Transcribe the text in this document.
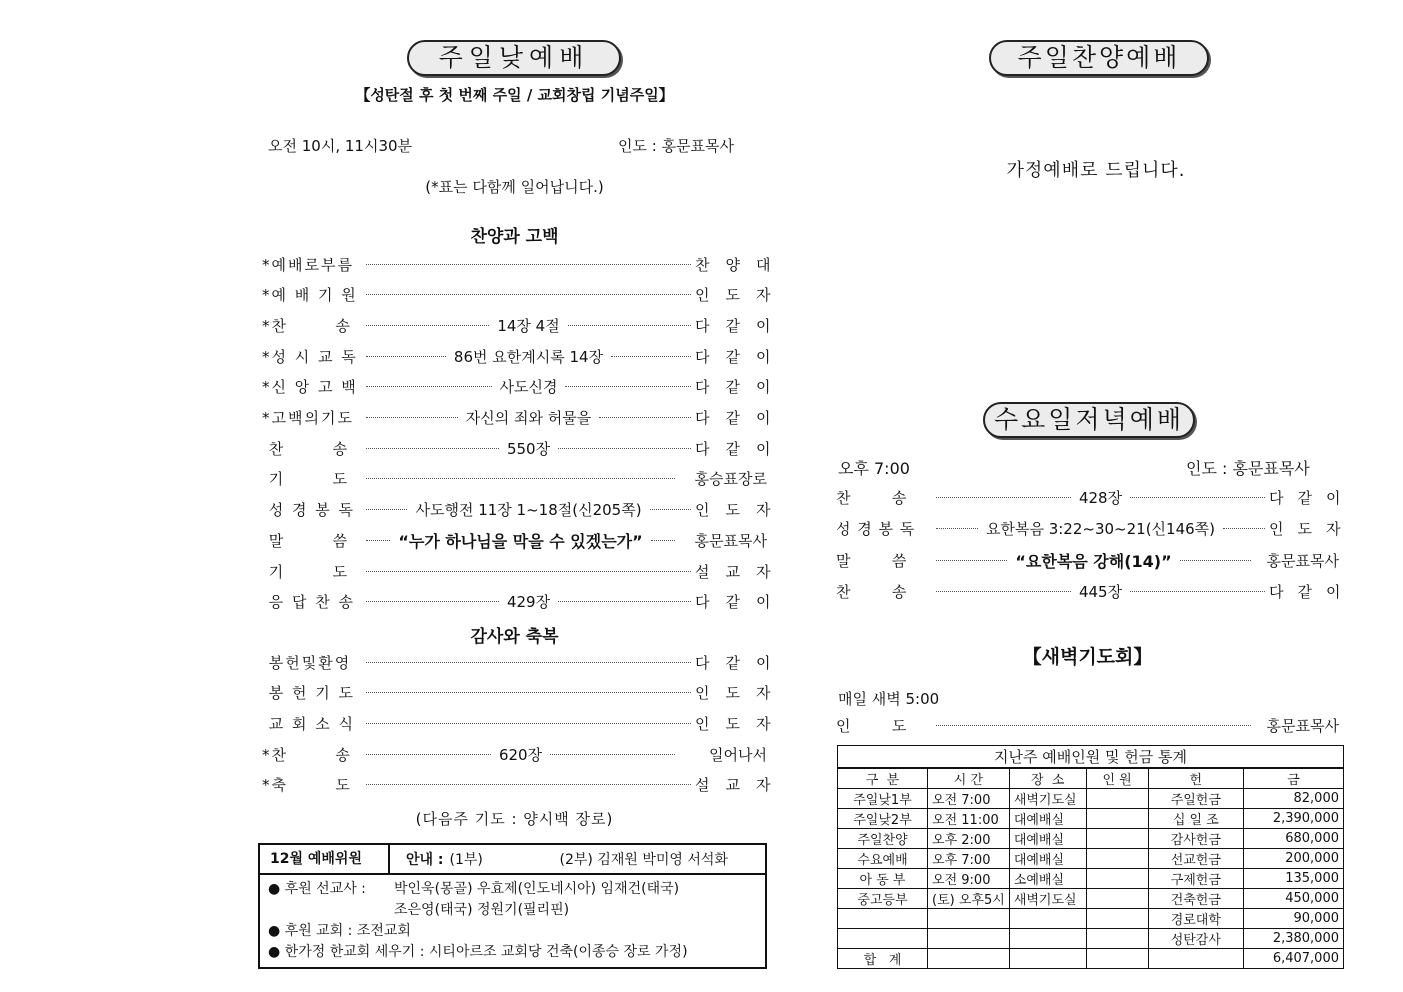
주일낮예배
【성탄절 후 첫 번째 주일 / 교회창립 기념주일】
오전 10시, 11시30분	인도 : 홍문표목사
(*표는 다함께 일어납니다.)
찬양과 고백
*예배로부름	찬양대
*예 배 기 원	인도자
*찬       송	14장 4절	다같이
*성 시 교 독	86번 요한계시록 14장	다같이
*신 앙 고 백	사도신경	다같이
*고백의기도	자신의 죄와 허물을	다같이
찬       송	550장	다같이
기       도	홍승표장로
성 경 봉 독	사도행전 11장 1~18절(신205쪽)	인도자
말       씀	“누가 하나님을 막을 수 있겠는가”	홍문표목사
기       도	설교자
응 답 찬 송	429장	다같이
감사와 축복
봉헌및환영	다같이
봉 헌 기 도	인도자
교 회 소 식	인도자
*찬       송	620장	일어나서
*축       도	설교자
(다음주 기도 : 양시백 장로)
12월 예배위원	안내 : (1부)	(2부) 김재원 박미영 서석화
● 후원 선교사 :	박인욱(몽골) 우효제(인도네시아) 임재건(태국)
조은영(태국) 정원기(필리핀)
● 후원 교회 : 조전교회
● 한가정 한교회 세우기 : 시티아르조 교회당 건축(이종승 장로 가정)
주일찬양예배
가정예배로 드립니다.
수요일저녁예배
오후 7:00	인도 : 홍문표목사
찬       송	428장	다같이
성 경 봉 독	요한복음 3:22~30~21(신146쪽)	인도자
말       씀	“요한복음 강해(14)”	홍문표목사
찬       송	445장	다같이
【새벽기도회】
매일 새벽 5:00
인       도	홍문표목사
지난주 예배인원 및 헌금 통계					
구  분	시 간	장  소	인 원	헌	금
주일낮1부	오전 7:00	새벽기도실		주일헌금	82,000
주일낮2부	오전 11:00	대예배실		십 일 조	2,390,000
주일찬양	오후 2:00	대예배실		감사헌금	680,000
수요예배	오후 7:00	대예배실		선교헌금	200,000
아 동 부	오전 9:00	소예배실		구제헌금	135,000
중고등부	(토) 오후5시	새벽기도실		건축헌금	450,000
				경로대학	90,000
				성탄감사	2,380,000
합   계					6,407,000
